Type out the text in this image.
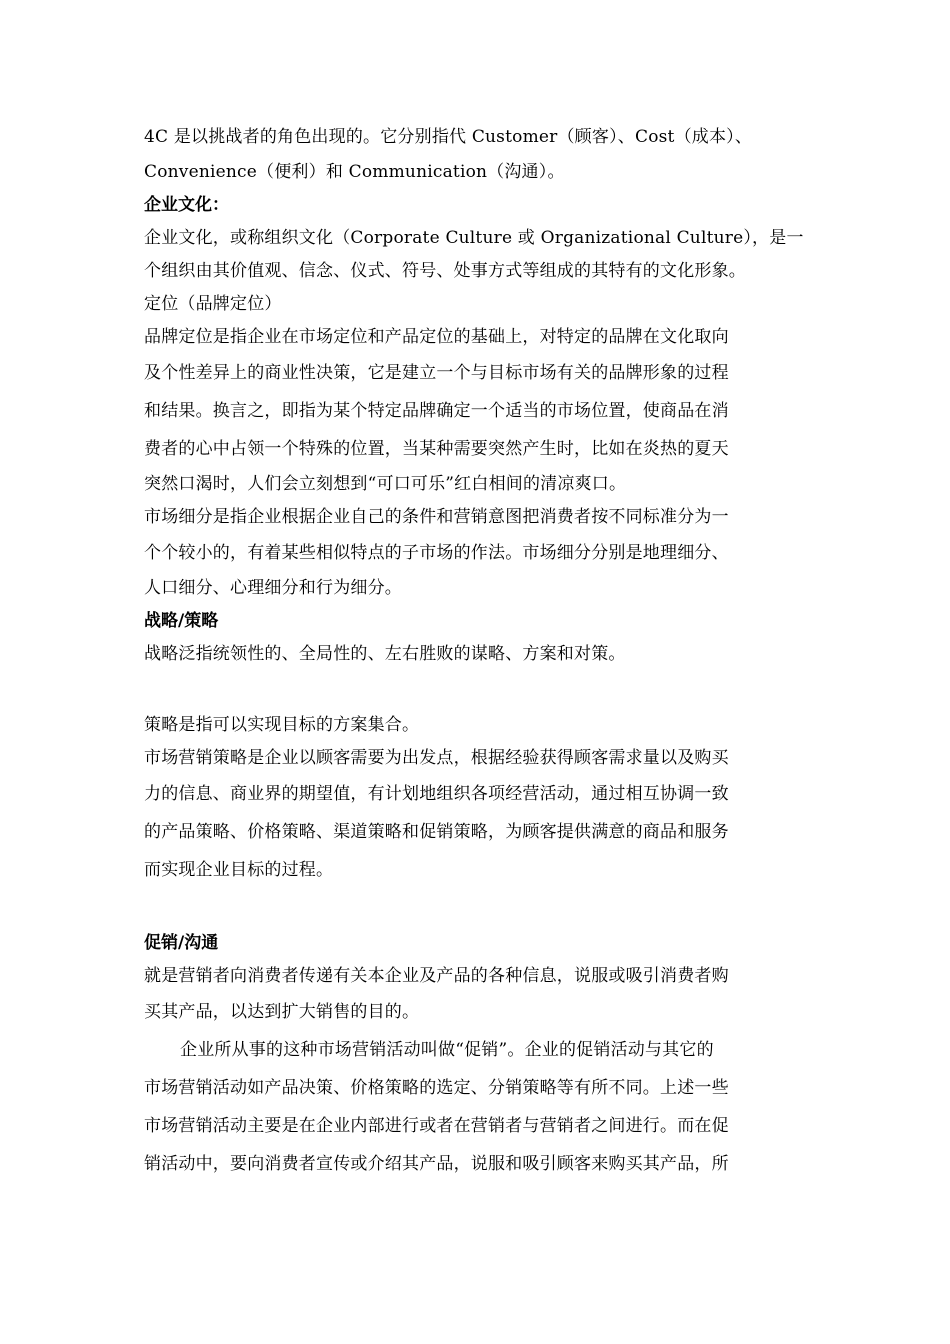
4C 是以挑战者的角色出现的。它分别指代 Customer（顾客）、Cost（成本）、
Convenience（便利）和 Communication（沟通）。
企业文化：
企业文化，或称组织文化（Corporate Culture 或 Organizational Culture），是一
个组织由其价值观、信念、仪式、符号、处事方式等组成的其特有的文化形象。
定位（品牌定位）
品牌定位是指企业在市场定位和产品定位的基础上，对特定的品牌在文化取向
及个性差异上的商业性决策，它是建立一个与目标市场有关的品牌形象的过程
和结果。换言之，即指为某个特定品牌确定一个适当的市场位置，使商品在消
费者的心中占领一个特殊的位置，当某种需要突然产生时，比如在炎热的夏天
突然口渴时，人们会立刻想到“可口可乐”红白相间的清凉爽口。
市场细分是指企业根据企业自己的条件和营销意图把消费者按不同标准分为一
个个较小的，有着某些相似特点的子市场的作法。市场细分分别是地理细分、
人口细分、心理细分和行为细分。
战略/策略
战略泛指统领性的、全局性的、左右胜败的谋略、方案和对策。
策略是指可以实现目标的方案集合。
市场营销策略是企业以顾客需要为出发点，根据经验获得顾客需求量以及购买
力的信息、商业界的期望值，有计划地组织各项经营活动，通过相互协调一致
的产品策略、价格策略、渠道策略和促销策略，为顾客提供满意的商品和服务
而实现企业目标的过程。
促销/沟通
就是营销者向消费者传递有关本企业及产品的各种信息，说服或吸引消费者购
买其产品，以达到扩大销售的目的。
企业所从事的这种市场营销活动叫做“促销”。企业的促销活动与其它的
市场营销活动如产品决策、价格策略的选定、分销策略等有所不同。上述一些
市场营销活动主要是在企业内部进行或者在营销者与营销者之间进行。而在促
销活动中，要向消费者宣传或介绍其产品，说服和吸引顾客来购买其产品，所
